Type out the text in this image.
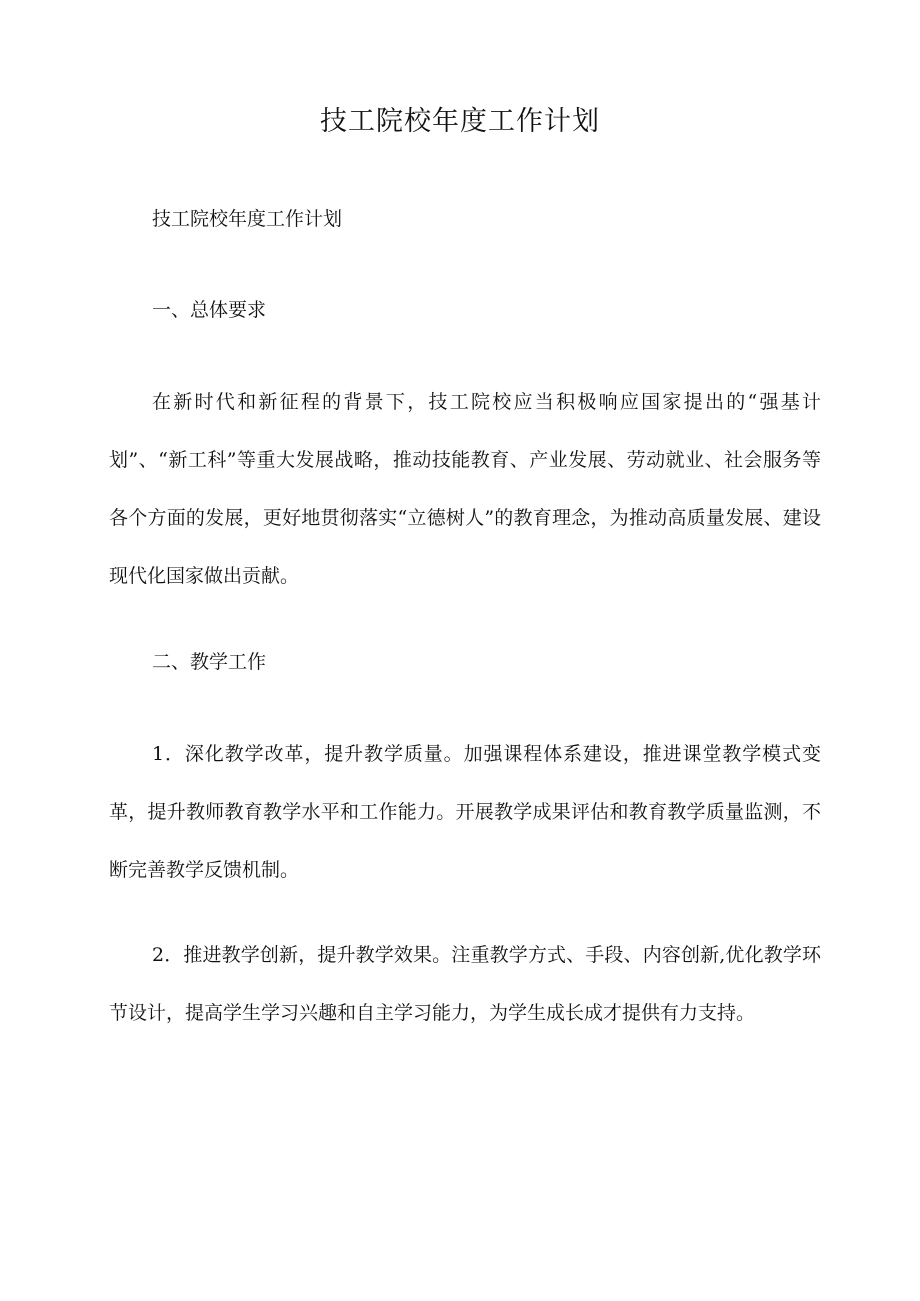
技工院校年度工作计划

技工院校年度工作计划

一、总体要求

在新时代和新征程的背景下，技工院校应当积极响应国家提出的“强基计划”、“新工科”等重大发展战略，推动技能教育、产业发展、劳动就业、社会服务等各个方面的发展，更好地贯彻落实“立德树人”的教育理念，为推动高质量发展、建设现代化国家做出贡献。

二、教学工作

1．深化教学改革，提升教学质量。加强课程体系建设，推进课堂教学模式变革，提升教师教育教学水平和工作能力。开展教学成果评估和教育教学质量监测，不断完善教学反馈机制。

2．推进教学创新，提升教学效果。注重教学方式、手段、内容创新,优化教学环节设计，提高学生学习兴趣和自主学习能力，为学生成长成才提供有力支持。
